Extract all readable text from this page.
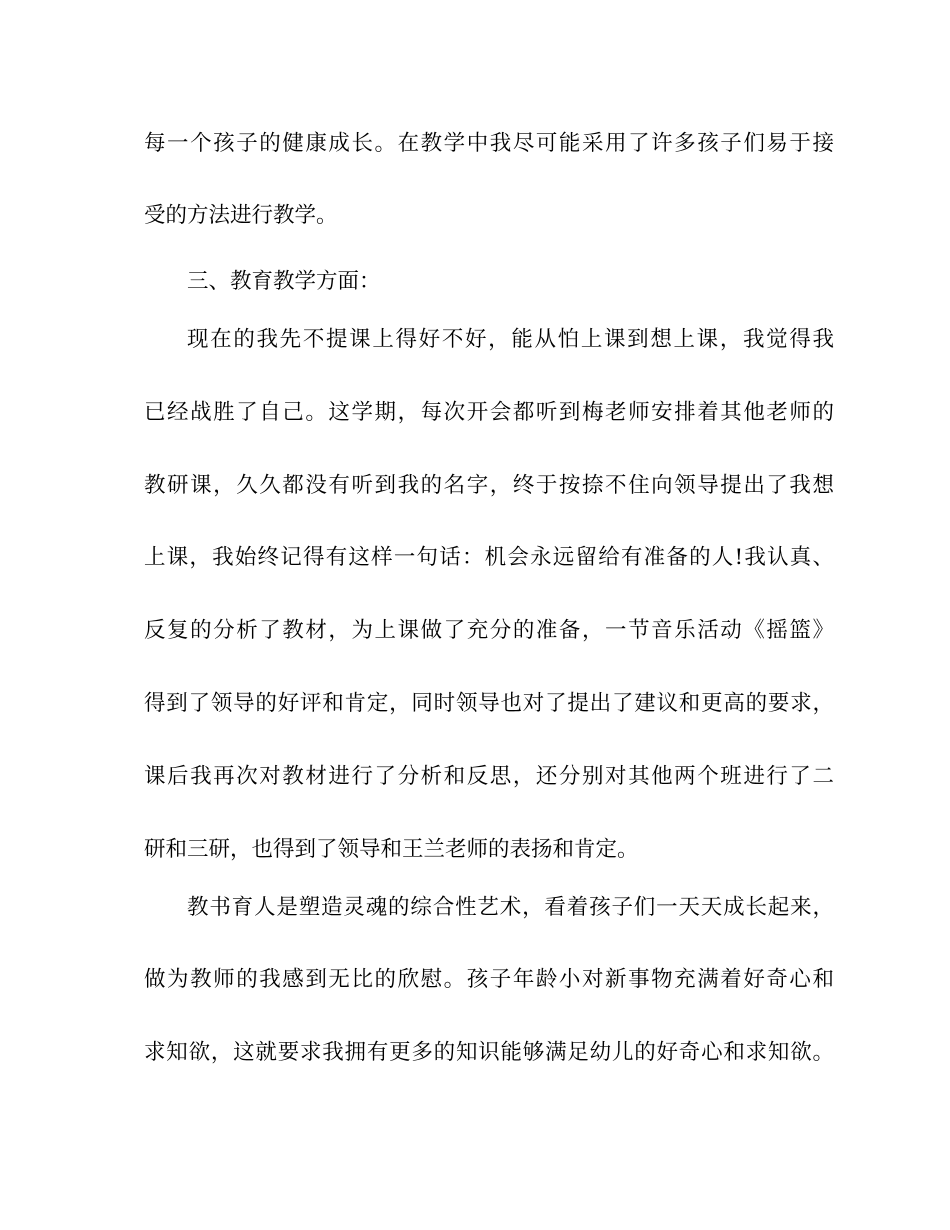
每一个孩子的健康成长。在教学中我尽可能采用了许多孩子们易于接
受的方法进行教学。
三、教育教学方面：
现在的我先不提课上得好不好，能从怕上课到想上课，我觉得我
已经战胜了自己。这学期，每次开会都听到梅老师安排着其他老师的
教研课，久久都没有听到我的名字，终于按捺不住向领导提出了我想
上课，我始终记得有这样一句话：机会永远留给有准备的人!我认真、
反复的分析了教材，为上课做了充分的准备，一节音乐活动《摇篮》
得到了领导的好评和肯定，同时领导也对了提出了建议和更高的要求，
课后我再次对教材进行了分析和反思，还分别对其他两个班进行了二
研和三研，也得到了领导和王兰老师的表扬和肯定。
教书育人是塑造灵魂的综合性艺术，看着孩子们一天天成长起来，
做为教师的我感到无比的欣慰。孩子年龄小对新事物充满着好奇心和
求知欲，这就要求我拥有更多的知识能够满足幼儿的好奇心和求知欲。
